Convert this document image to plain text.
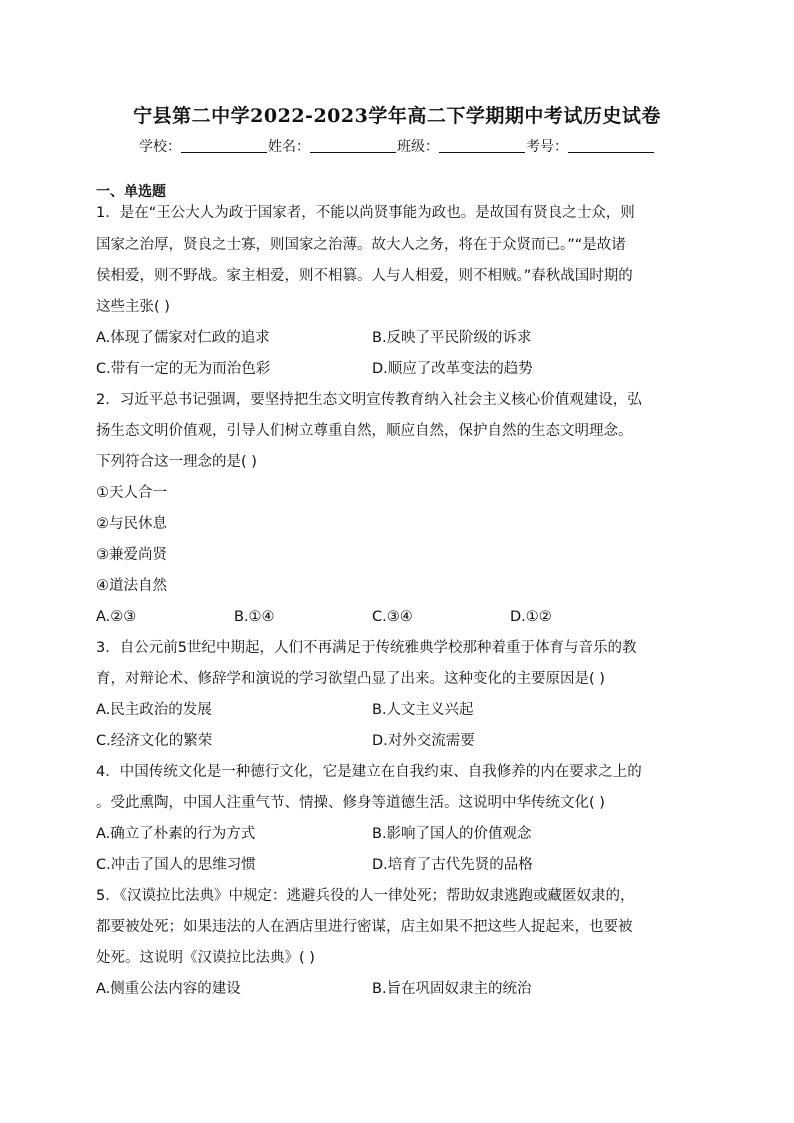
宁县第二中学2022-2023学年高二下学期期中考试历史试卷
学校：	姓名：	班级：	考号：
一、单选题
1．是在“王公大人为政于国家者，不能以尚贤事能为政也。是故国有贤良之士众，则
国家之治厚，贤良之士寡，则国家之治薄。故大人之务，将在于众贤而已。”“是故诸
侯相爱，则不野战。家主相爱，则不相篡。人与人相爱，则不相贼。”春秋战国时期的
这些主张( )
A.体现了儒家对仁政的追求	B.反映了平民阶级的诉求
C.带有一定的无为而治色彩	D.顺应了改革变法的趋势
2．习近平总书记强调，要坚持把生态文明宣传教育纳入社会主义核心价值观建设，弘
扬生态文明价值观，引导人们树立尊重自然，顺应自然，保护自然的生态文明理念。
下列符合这一理念的是( )
①天人合一
②与民休息
③兼爱尚贤
④道法自然
A.②③	B.①④	C.③④	D.①②
3．自公元前5世纪中期起，人们不再满足于传统雅典学校那种着重于体育与音乐的教
育，对辩论术、修辞学和演说的学习欲望凸显了出来。这种变化的主要原因是( )
A.民主政治的发展	B.人文主义兴起
C.经济文化的繁荣	D.对外交流需要
4．中国传统文化是一种德行文化，它是建立在自我约束、自我修养的内在要求之上的
。受此熏陶，中国人注重气节、情操、修身等道德生活。这说明中华传统文化( )
A.确立了朴素的行为方式	B.影响了国人的价值观念
C.冲击了国人的思维习惯	D.培育了古代先贤的品格
5．《汉谟拉比法典》中规定：逃避兵役的人一律处死；帮助奴隶逃跑或藏匿奴隶的，
都要被处死；如果违法的人在酒店里进行密谋，店主如果不把这些人捉起来，也要被
处死。这说明《汉谟拉比法典》( )
A.侧重公法内容的建设	B.旨在巩固奴隶主的统治
